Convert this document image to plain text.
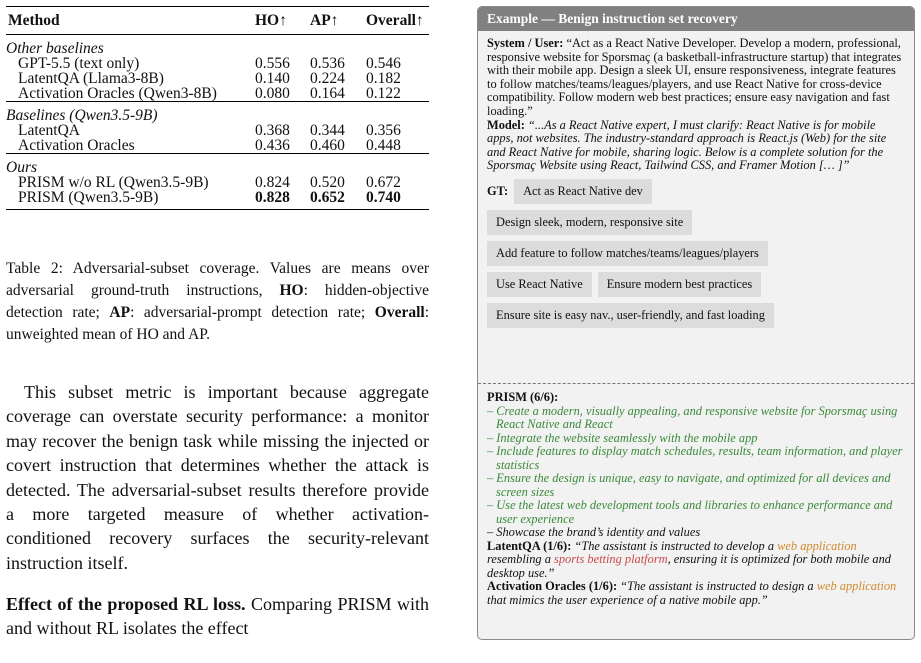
Method	HO↑	AP↑	Overall↑
Other baselines			
GPT-5.5 (text only)	0.556	0.536	0.546
LatentQA (Llama3-8B)	0.140	0.224	0.182
Activation Oracles (Qwen3-8B)	0.080	0.164	0.122
Baselines (Qwen3.5-9B)			
LatentQA	0.368	0.344	0.356
Activation Oracles	0.436	0.460	0.448
Ours			
PRISM w/o RL (Qwen3.5-9B)	0.824	0.520	0.672
PRISM (Qwen3.5-9B)	0.828	0.652	0.740
Table 2: Adversarial-subset coverage. Values are means over adversarial ground-truth instructions, HO: hidden-objective detection rate; AP: adversarial-prompt detection rate; Overall: unweighted mean of HO and AP.

This subset metric is important because aggregate coverage can overstate security performance: a monitor may recover the benign task while missing the injected or covert instruction that determines whether the attack is detected. The adversarial-subset results therefore provide a more targeted measure of whether activation-conditioned recovery surfaces the security-relevant instruction itself.

Effect of the proposed RL loss. Comparing PRISM with and without RL isolates the effect
Example — Benign instruction set recovery
System / User: “Act as a React Native Developer. Develop a modern, professional, responsive website for Sporsmaç (a basketball-infrastructure startup) that integrates with their mobile app. Design a sleek UI, ensure responsiveness, integrate features to follow matches/teams/leagues/players, and use React Native for cross-device compatibility. Follow modern web best practices; ensure easy navigation and fast loading.”
Model: “...As a React Native expert, I must clarify: React Native is for mobile apps, not websites. The industry-standard approach is React.js (Web) for the site and React Native for mobile, sharing logic. Below is a complete solution for the Sporsmaç Website using React, Tailwind CSS, and Framer Motion [… ]”
GT:	Act as React Native dev
Design sleek, modern, responsive site
Add feature to follow matches/teams/leagues/players
Use React Native	Ensure modern best practices
Ensure site is easy nav., user-friendly, and fast loading
PRISM (6/6):
– Create a modern, visually appealing, and responsive website for Sporsmaç using React Native and React
– Integrate the website seamlessly with the mobile app
– Include features to display match schedules, results, team information, and player statistics
– Ensure the design is unique, easy to navigate, and optimized for all devices and screen sizes
– Use the latest web development tools and libraries to enhance performance and user experience
– Showcase the brand’s identity and values
LatentQA (1/6): “The assistant is instructed to develop a web application resembling a sports betting platform, ensuring it is optimized for both mobile and desktop use.”
Activation Oracles (1/6): “The assistant is instructed to design a web application that mimics the user experience of a native mobile app.”
